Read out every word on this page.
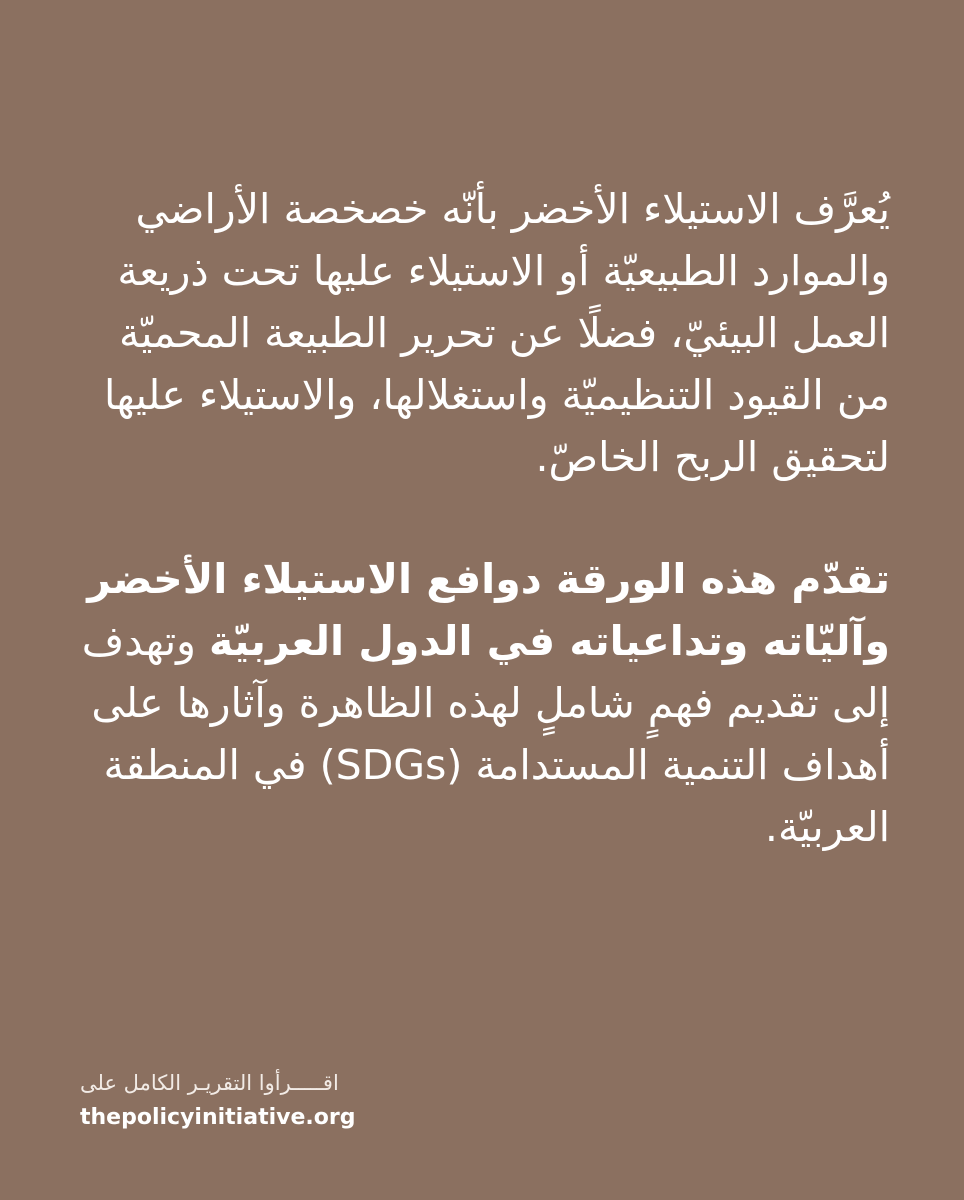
يُعرَّف الاستيلاء الأخضر بأنّه خصخصة الأراضي والموارد الطبيعيّة أو الاستيلاء عليها تحت ذريعة العمل البيئيّ، فضلًا عن تحرير الطبيعة المحميّة من القيود التنظيميّة واستغلالها، والاستيلاء عليها لتحقيق الربح الخاصّ.

تقدّم هذه الورقة دوافع الاستيلاء الأخضر وآليّاته وتداعياته في الدول العربيّة وتهدف إلى تقديم فهمٍ شاملٍ لهذه الظاهرة وآثارها على أهداف التنمية المستدامة (SDGs) في المنطقة العربيّة.

اقـــــرأوا التقريـر الكامل على

thepolicyinitiative.org
